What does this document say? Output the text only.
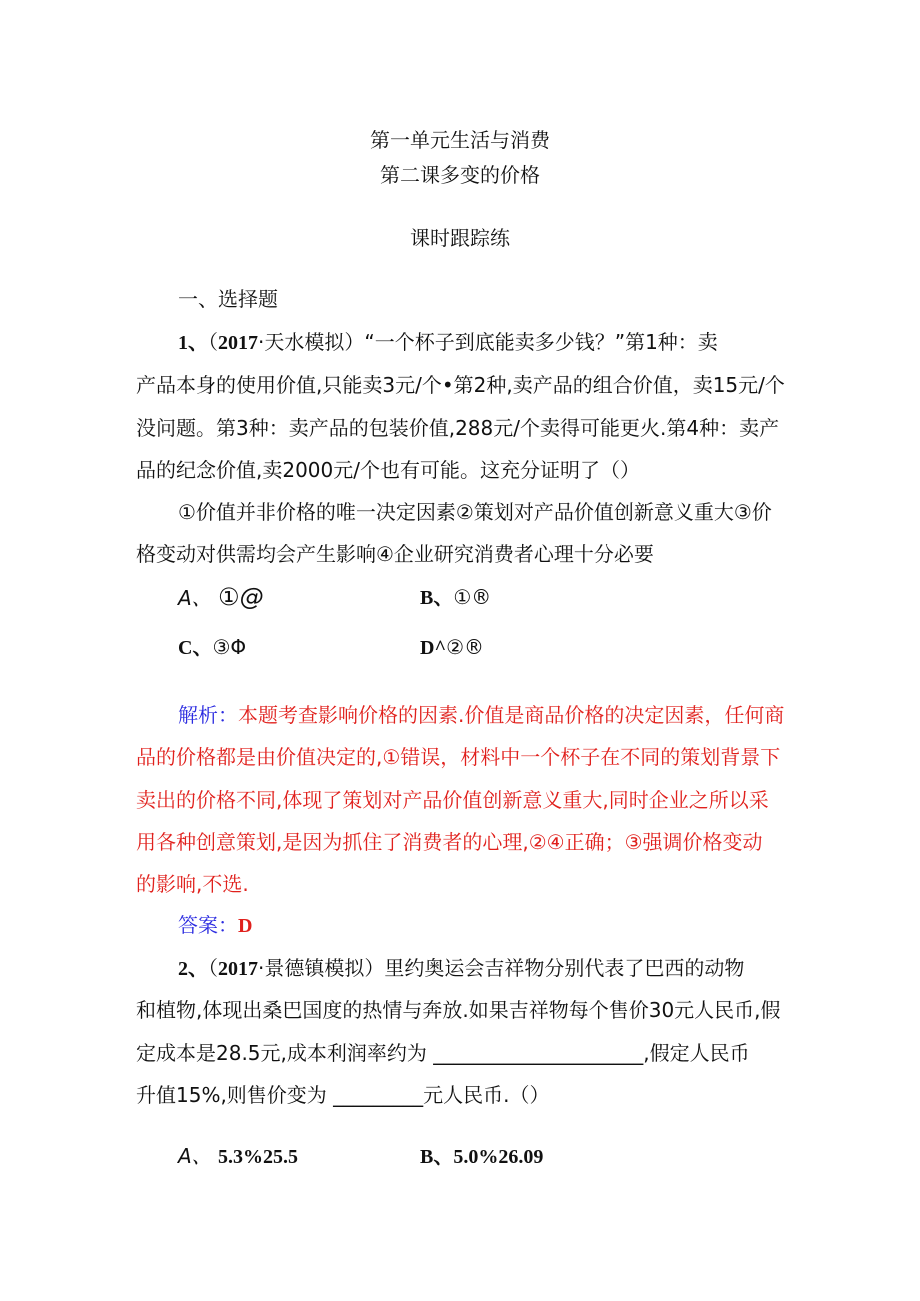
第一单元生活与消费
第二课多变的价格
课时跟踪练
一、选择题
1、（2017·天水模拟）“一个杯子到底能卖多少钱？”第1种：卖
产品本身的使用价值,只能卖3元/个•第2种,卖产品的组合价值，卖15元/个
没问题。第3种：卖产品的包装价值,288元/个卖得可能更火.第4种：卖产
品的纪念价值,卖2000元/个也有可能。这充分证明了（）
①价值并非价格的唯一决定因素②策划对产品价值创新意义重大③价
格变动对供需均会产生影响④企业研究消费者心理十分必要
A、 ①@	B、①®
C、③Φ	D^②®
解析：本题考查影响价格的因素.价值是商品价格的决定因素，任何商
品的价格都是由价值决定的,①错误，材料中一个杯子在不同的策划背景下
卖出的价格不同,体现了策划对产品价值创新意义重大,同时企业之所以采
用各种创意策划,是因为抓住了消费者的心理,②④正确；③强调价格变动
的影响,不选.
答案：D
2、（2017·景德镇模拟）里约奥运会吉祥物分别代表了巴西的动物
和植物,体现出桑巴国度的热情与奔放.如果吉祥物每个售价30元人民币,假
定成本是28.5元,成本利润率约为 _____________________,假定人民币
升值15%,则售价变为 _________元人民币.（）
A、 5.3%25.5	B、5.0%26.09
